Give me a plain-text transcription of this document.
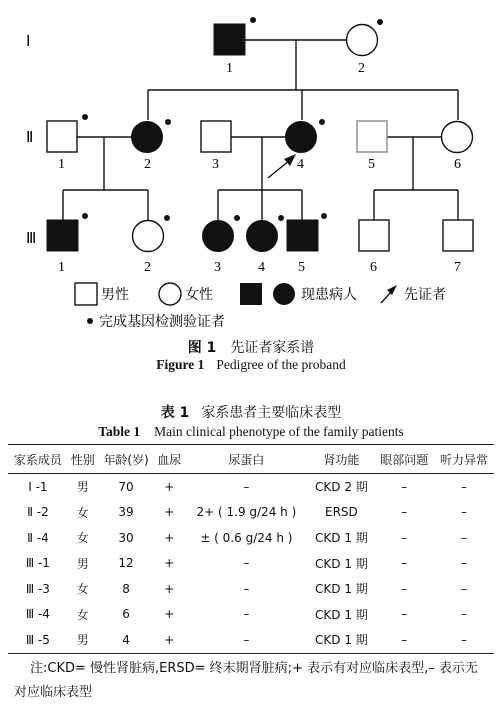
Ⅰ
Ⅱ
Ⅲ
1	2
1	2	3	4	5	6
1	2	3	4 5	6	7
男性	女性	现患病人	先证者
完成基因检测验证者
图 1 先证者家系谱
Figure 1 Pedigree of the proband
表 1 家系患者主要临床表型
Table 1 Main clinical phenotype of the family patients
家系成员	性别	年龄(岁)	血尿	尿蛋白	肾功能	眼部问题	听力异常
Ⅰ -1	男	70	+	–	CKD 2 期	–	–
Ⅱ -2	女	39	+	2+ ( 1.9 g/24 h )	ERSD	–	–
Ⅱ -4	女	30	+	± ( 0.6 g/24 h )	CKD 1 期	–	–
Ⅲ -1	男	12	+	–	CKD 1 期	–	–
Ⅲ -3	女	8	+	–	CKD 1 期	–	–
Ⅲ -4	女	6	+	–	CKD 1 期	–	–
Ⅲ -5	男	4	+	–	CKD 1 期	–	–
注:CKD= 慢性肾脏病,ERSD= 终末期肾脏病;+ 表示有对应临床表型,– 表示无对应临床表型
